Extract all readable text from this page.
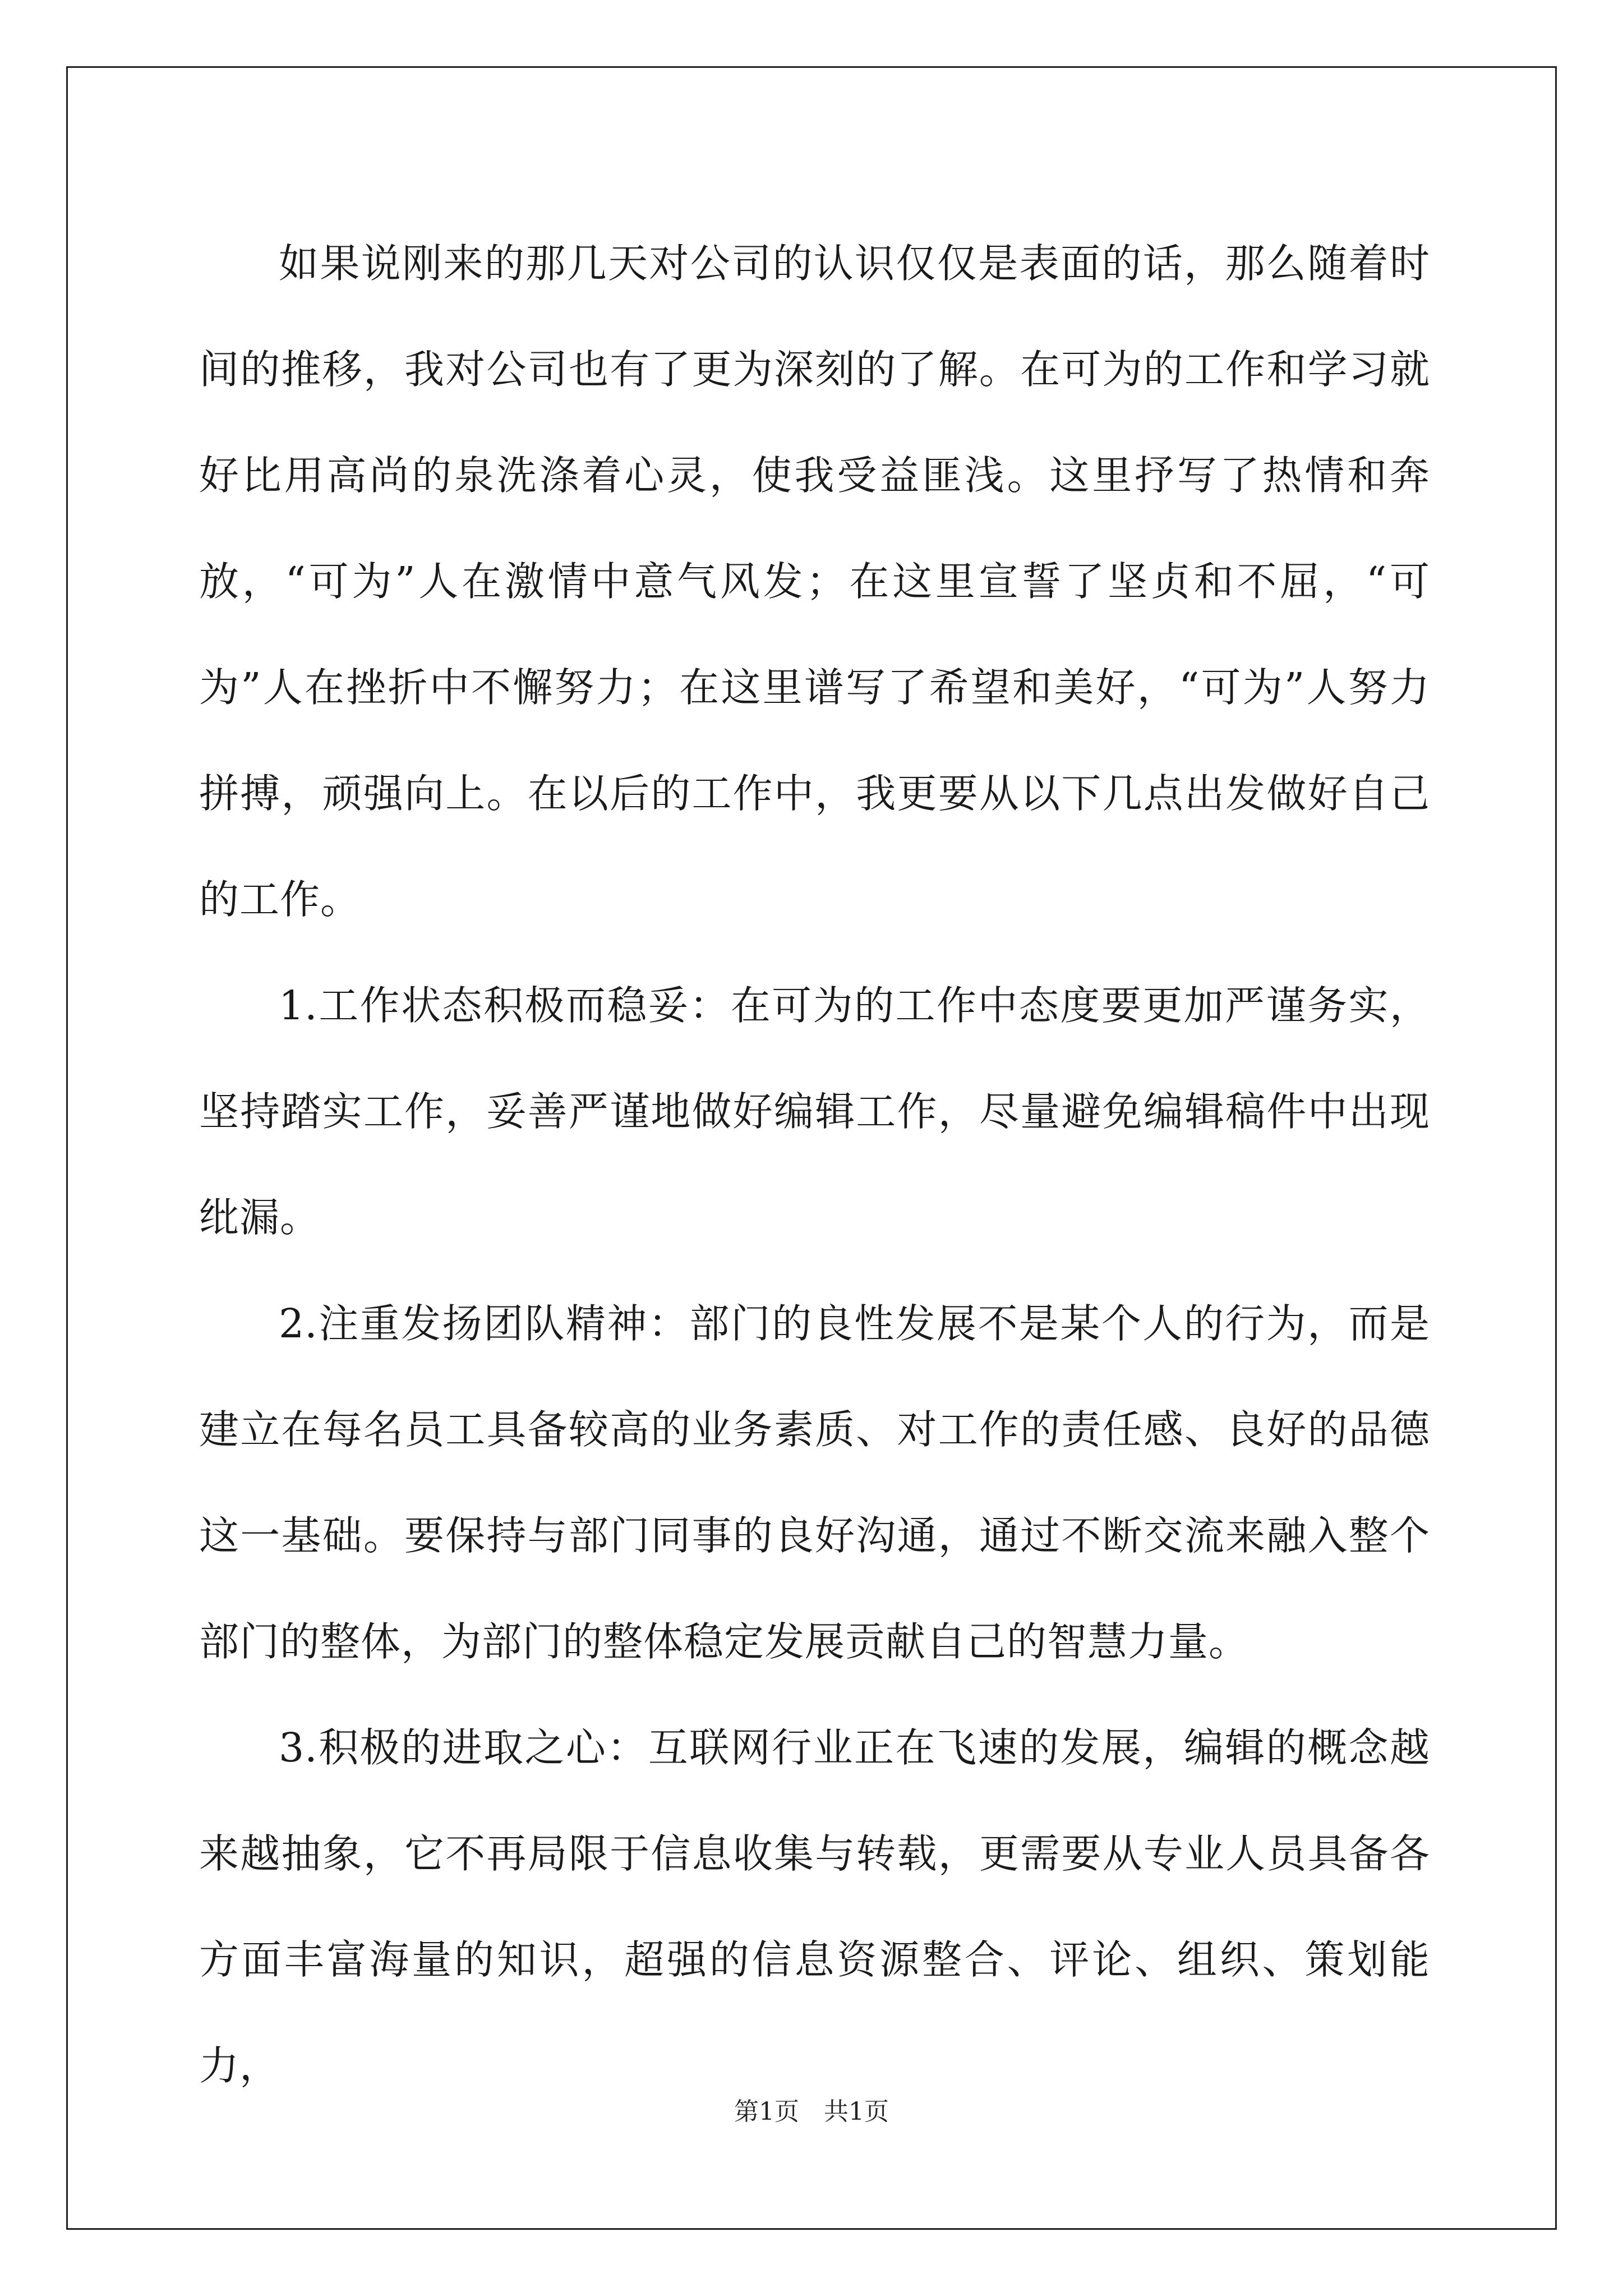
如果说刚来的那几天对公司的认识仅仅是表面的话，那么随着时间的推移，我对公司也有了更为深刻的了解。在可为的工作和学习就好比用高尚的泉洗涤着心灵，使我受益匪浅。这里抒写了热情和奔放，“可为”人在激情中意气风发；在这里宣誓了坚贞和不屈，“可为”人在挫折中不懈努力；在这里谱写了希望和美好，“可为”人努力拼搏，顽强向上。在以后的工作中，我更要从以下几点出发做好自己的工作。

1.工作状态积极而稳妥：在可为的工作中态度要更加严谨务实，坚持踏实工作，妥善严谨地做好编辑工作，尽量避免编辑稿件中出现纰漏。

2.注重发扬团队精神：部门的良性发展不是某个人的行为，而是建立在每名员工具备较高的业务素质、对工作的责任感、良好的品德这一基础。要保持与部门同事的良好沟通，通过不断交流来融入整个部门的整体，为部门的整体稳定发展贡献自己的智慧力量。

3.积极的进取之心：互联网行业正在飞速的发展，编辑的概念越来越抽象，它不再局限于信息收集与转载，更需要从专业人员具备各方面丰富海量的知识，超强的信息资源整合、评论、组织、策划能力，

第1页 共1页
